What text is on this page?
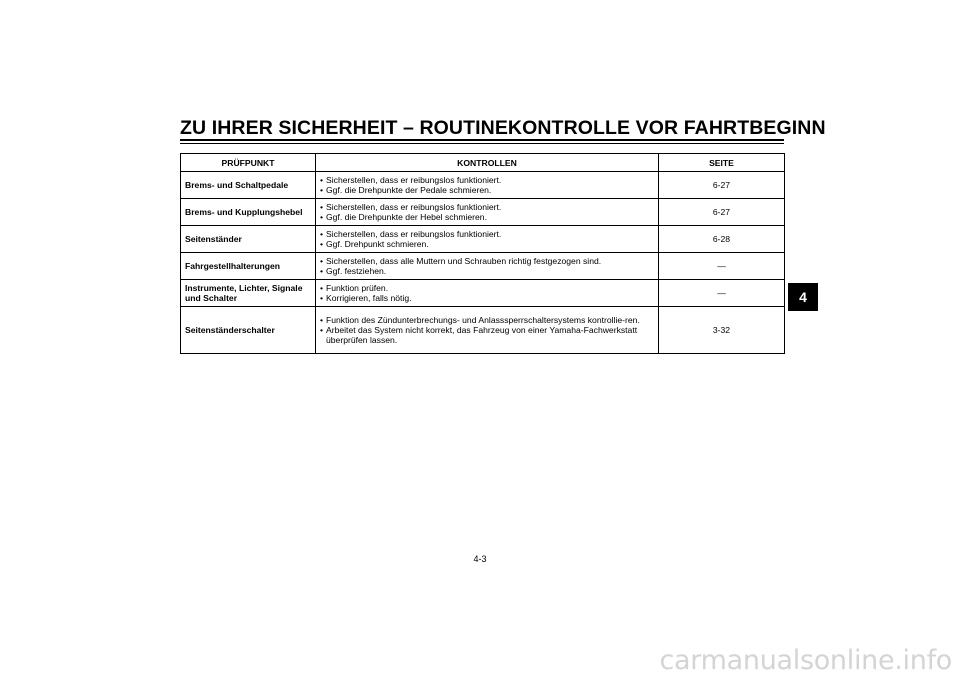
ZU IHRER SICHERHEIT – ROUTINEKONTROLLE VOR FAHRTBEGINN
PRÜFPUNKT	KONTROLLEN	SEITE
Brems- und Schaltpedale	• Sicherstellen, dass er reibungslos funktioniert.
• Ggf. die Drehpunkte der Pedale schmieren.	6-27
Brems- und Kupplungshebel	• Sicherstellen, dass er reibungslos funktioniert.
• Ggf. die Drehpunkte der Hebel schmieren.	6-27
Seitenständer	• Sicherstellen, dass er reibungslos funktioniert.
• Ggf. Drehpunkt schmieren.	6-28
Fahrgestellhalterungen	• Sicherstellen, dass alle Muttern und Schrauben richtig festgezogen sind.
• Ggf. festziehen.	—
Instrumente, Lichter, Signale und Schalter	• Funktion prüfen.
• Korrigieren, falls nötig.	—
Seitenständerschalter	• Funktion des Zündunterbrechungs- und Anlasssperrschaltersystems kontrollie-ren.
• Arbeitet das System nicht korrekt, das Fahrzeug von einer Yamaha-Fachwerkstatt überprüfen lassen.	3-32
4
4-3
carmanualsonline.info
